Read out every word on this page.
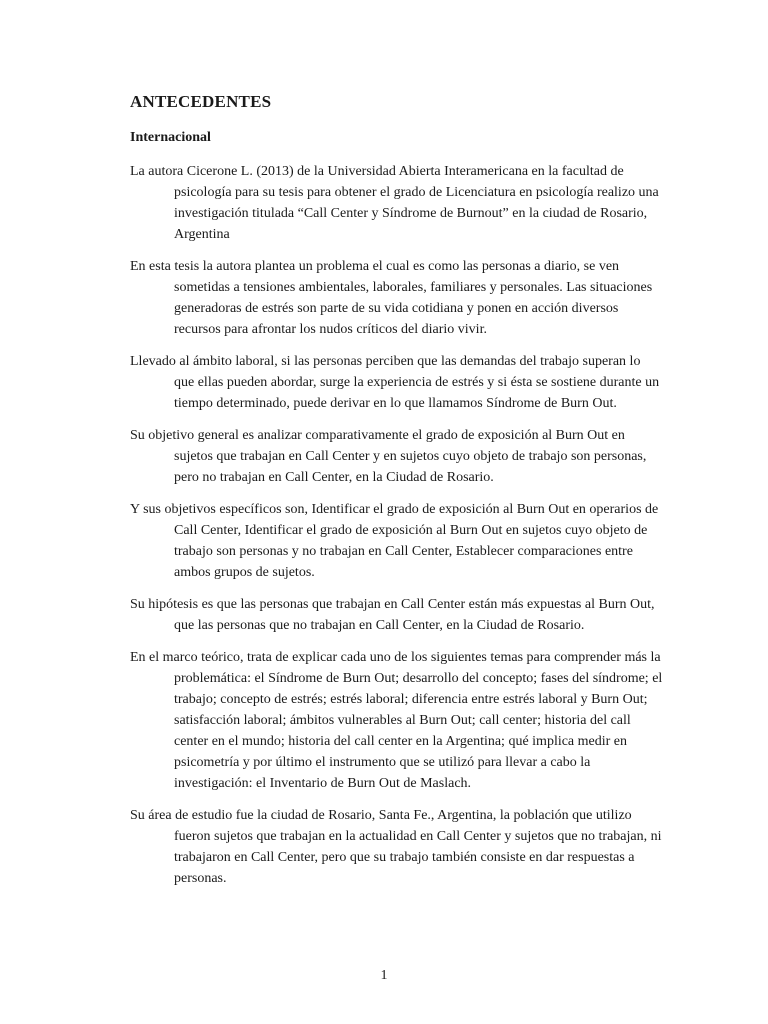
ANTECEDENTES
Internacional

La autora Cicerone L. (2013) de la Universidad Abierta Interamericana en la facultad de psicología para su tesis para obtener el grado de Licenciatura en psicología realizo una investigación titulada “Call Center y Síndrome de Burnout” en la ciudad de Rosario, Argentina

En esta tesis la autora plantea un problema el cual es como las personas a diario, se ven sometidas a tensiones ambientales, laborales, familiares y personales. Las situaciones generadoras de estrés son parte de su vida cotidiana y ponen en acción diversos recursos para afrontar los nudos críticos del diario vivir.

Llevado al ámbito laboral, si las personas perciben que las demandas del trabajo superan lo que ellas pueden abordar, surge la experiencia de estrés y si ésta se sostiene durante un tiempo determinado, puede derivar en lo que llamamos Síndrome de Burn Out.

Su objetivo general es analizar comparativamente el grado de exposición al Burn Out en sujetos que trabajan en Call Center y en sujetos cuyo objeto de trabajo son personas, pero no trabajan en Call Center, en la Ciudad de Rosario.

Y sus objetivos específicos son, Identificar el grado de exposición al Burn Out en operarios de Call Center, Identificar el grado de exposición al Burn Out en sujetos cuyo objeto de trabajo son personas y no trabajan en Call Center, Establecer comparaciones entre ambos grupos de sujetos.

Su hipótesis es que las personas que trabajan en Call Center están más expuestas al Burn Out, que las personas que no trabajan en Call Center, en la Ciudad de Rosario.

En el marco teórico, trata de explicar cada uno de los siguientes temas para comprender más la problemática: el Síndrome de Burn Out; desarrollo del concepto; fases del síndrome; el trabajo; concepto de estrés; estrés laboral; diferencia entre estrés laboral y Burn Out; satisfacción laboral; ámbitos vulnerables al Burn Out; call center; historia del call center en el mundo; historia del call center en la Argentina; qué implica medir en psicometría y por último el instrumento que se utilizó para llevar a cabo la investigación: el Inventario de Burn Out de Maslach.

Su área de estudio fue la ciudad de Rosario, Santa Fe., Argentina, la población que utilizo fueron sujetos que trabajan en la actualidad en Call Center y sujetos que no trabajan, ni trabajaron en Call Center, pero que su trabajo también consiste en dar respuestas a personas.

1
